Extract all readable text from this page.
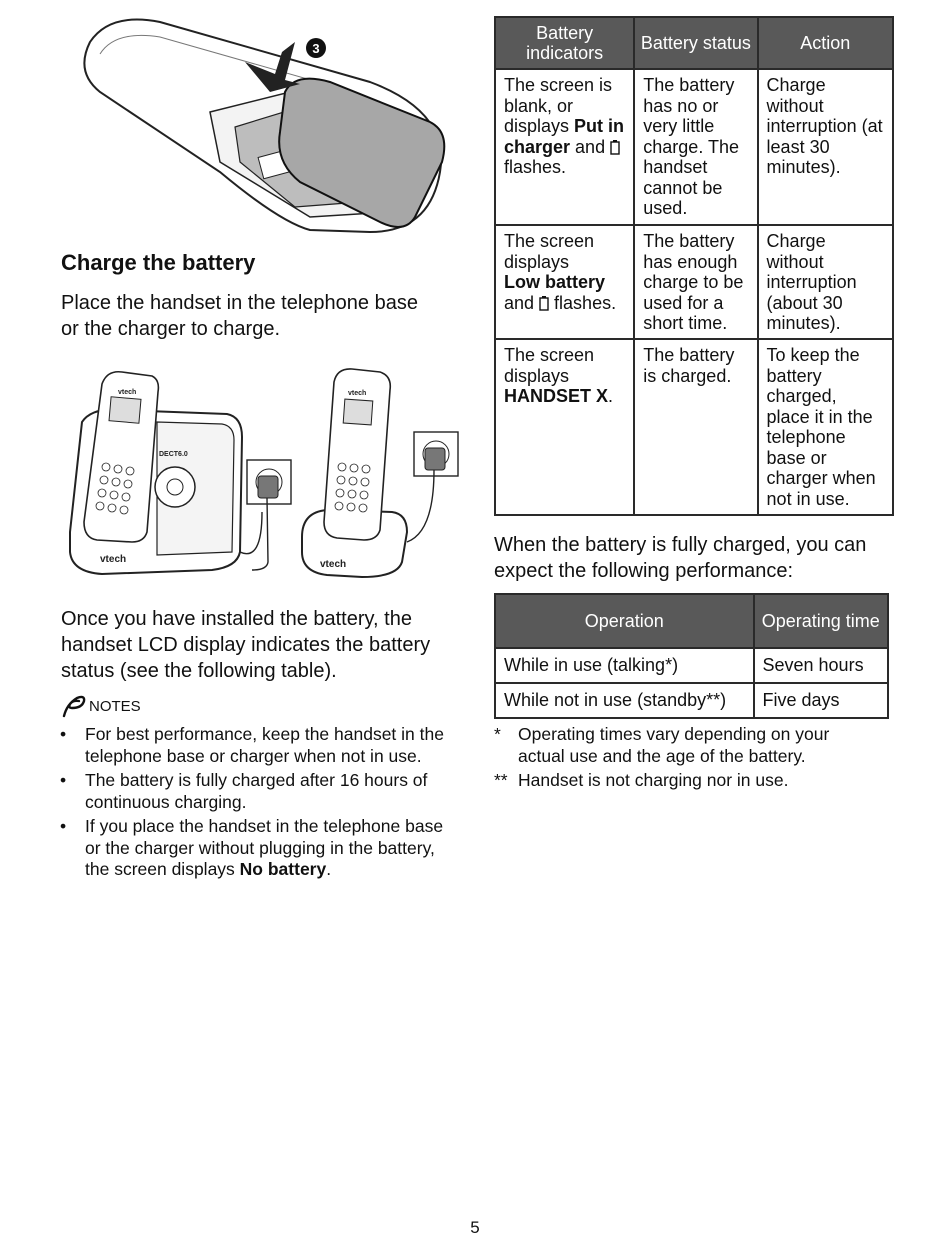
3
Charge the battery
Place the handset in the telephone base or the charger to charge.
DECT6.0
vtech
vtech
vtech
vtech
Once you have installed the battery, the handset LCD display indicates the battery status (see the following table).
NOTES
• For best performance, keep the handset in the telephone base or charger when not in use.
• The battery is fully charged after 16 hours of continuous charging.
• If you place the handset in the telephone base or the charger without plugging in the battery, the screen displays No battery.
Battery indicators	Battery status	Action
The screen is blank, or displays Put in charger and  flashes.	The battery has no or very little charge. The handset cannot be used.	Charge without interruption (at least 30 minutes).
The screen displays
Low battery and  flashes.	The battery has enough charge to be used for a short time.	Charge without interruption (about 30 minutes).
The screen displays
HANDSET X.	The battery is charged.	To keep the battery charged, place it in the telephone base or charger when not in use.
When the battery is fully charged, you can expect the following performance:
Operation	Operating time
While in use (talking*)	Seven hours
While not in use (standby**)	Five days
* Operating times vary depending on your actual use and the age of the battery.
** Handset is not charging nor in use.
5
